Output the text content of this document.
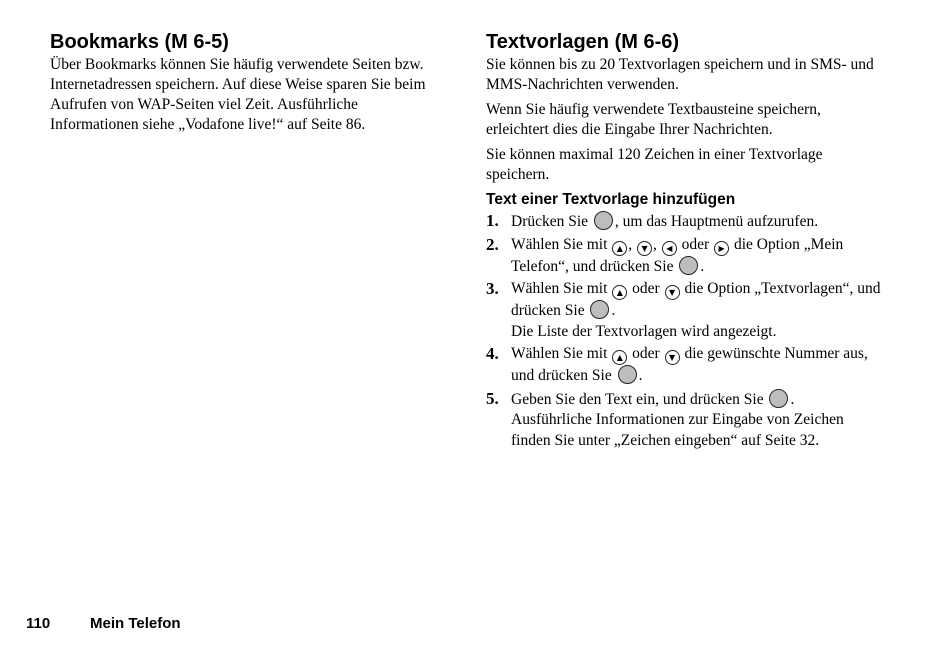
Bookmarks (M 6-5)

Über Bookmarks können Sie häufig verwendete Seiten bzw. Internetadressen speichern. Auf diese Weise sparen Sie beim Aufrufen von WAP-Seiten viel Zeit. Ausführliche Informationen siehe „Vodafone live!“ auf Seite 86.

Textvorlagen (M 6-6)

Sie können bis zu 20 Textvorlagen speichern und in SMS- und MMS-Nachrichten verwenden.

Wenn Sie häufig verwendete Textbausteine speichern, erleichtert dies die Eingabe Ihrer Nachrichten.

Sie können maximal 120 Zeichen in einer Textvorlage speichern.

Text einer Textvorlage hinzufügen
1. Drücken Sie , um das Hauptmenü aufzurufen.
2. Wählen Sie mit ▲ , ▼ , ◀ oder ▶ die Option „Mein Telefon“, und drücken Sie .
3. Wählen Sie mit ▲ oder ▼ die Option „Textvorlagen“, und drücken Sie .
Die Liste der Textvorlagen wird angezeigt.
4. Wählen Sie mit ▲ oder ▼ die gewünschte Nummer aus, und drücken Sie .
5. Geben Sie den Text ein, und drücken Sie .
Ausführliche Informationen zur Eingabe von Zeichen finden Sie unter „Zeichen eingeben“ auf Seite 32.
110	Mein Telefon
